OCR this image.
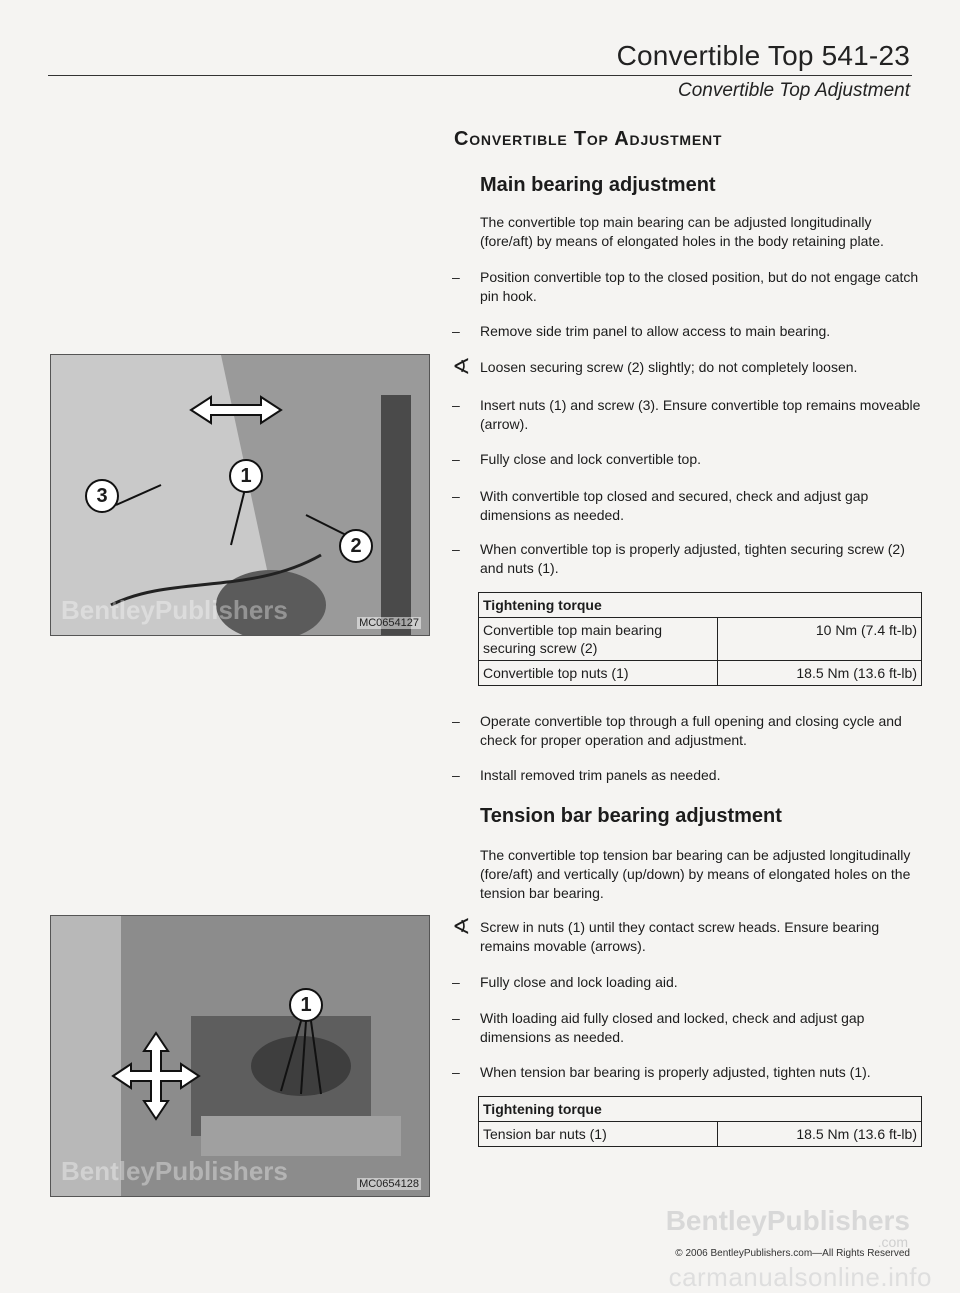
Convertible Top 541-23
Convertible Top Adjustment
Convertible Top Adjustment
1
2
3
BentleyPublishers	MC0654127
1
BentleyPublishers	MC0654128
Main bearing adjustment
The convertible top main bearing can be adjusted longitudinally (fore/aft) by means of elongated holes in the body retaining plate.
–	Position convertible top to the closed position, but do not engage catch pin hook.
–	Remove side trim panel to allow access to main bearing.
∢ Loosen securing screw (2) slightly; do not completely loosen.
–	Insert nuts (1) and screw (3). Ensure convertible top remains moveable (arrow).
–	Fully close and lock convertible top.
–	With convertible top closed and secured, check and adjust gap dimensions as needed.
–	When convertible top is properly adjusted, tighten securing screw (2) and nuts (1).
Tightening torque	
Convertible top main bearing securing screw (2)	10 Nm (7.4 ft-lb)
Convertible top nuts (1)	18.5 Nm (13.6 ft-lb)
–	Operate convertible top through a full opening and closing cycle and check for proper operation and adjustment.
–	Install removed trim panels as needed.
Tension bar bearing adjustment
The convertible top tension bar bearing can be adjusted longitudinally (fore/aft) and vertically (up/down) by means of elongated holes on the tension bar bearing.
∢ Screw in nuts (1) until they contact screw heads. Ensure bearing remains movable (arrows).
–	Fully close and lock loading aid.
–	With loading aid fully closed and locked, check and adjust gap dimensions as needed.
–	When tension bar bearing is properly adjusted, tighten nuts (1).
Tightening torque
Tension bar nuts (1)	18.5 Nm (13.6 ft-lb)
BentleyPublishers
.com
© 2006 BentleyPublishers.com—All Rights Reserved
carmanualsonline.info
